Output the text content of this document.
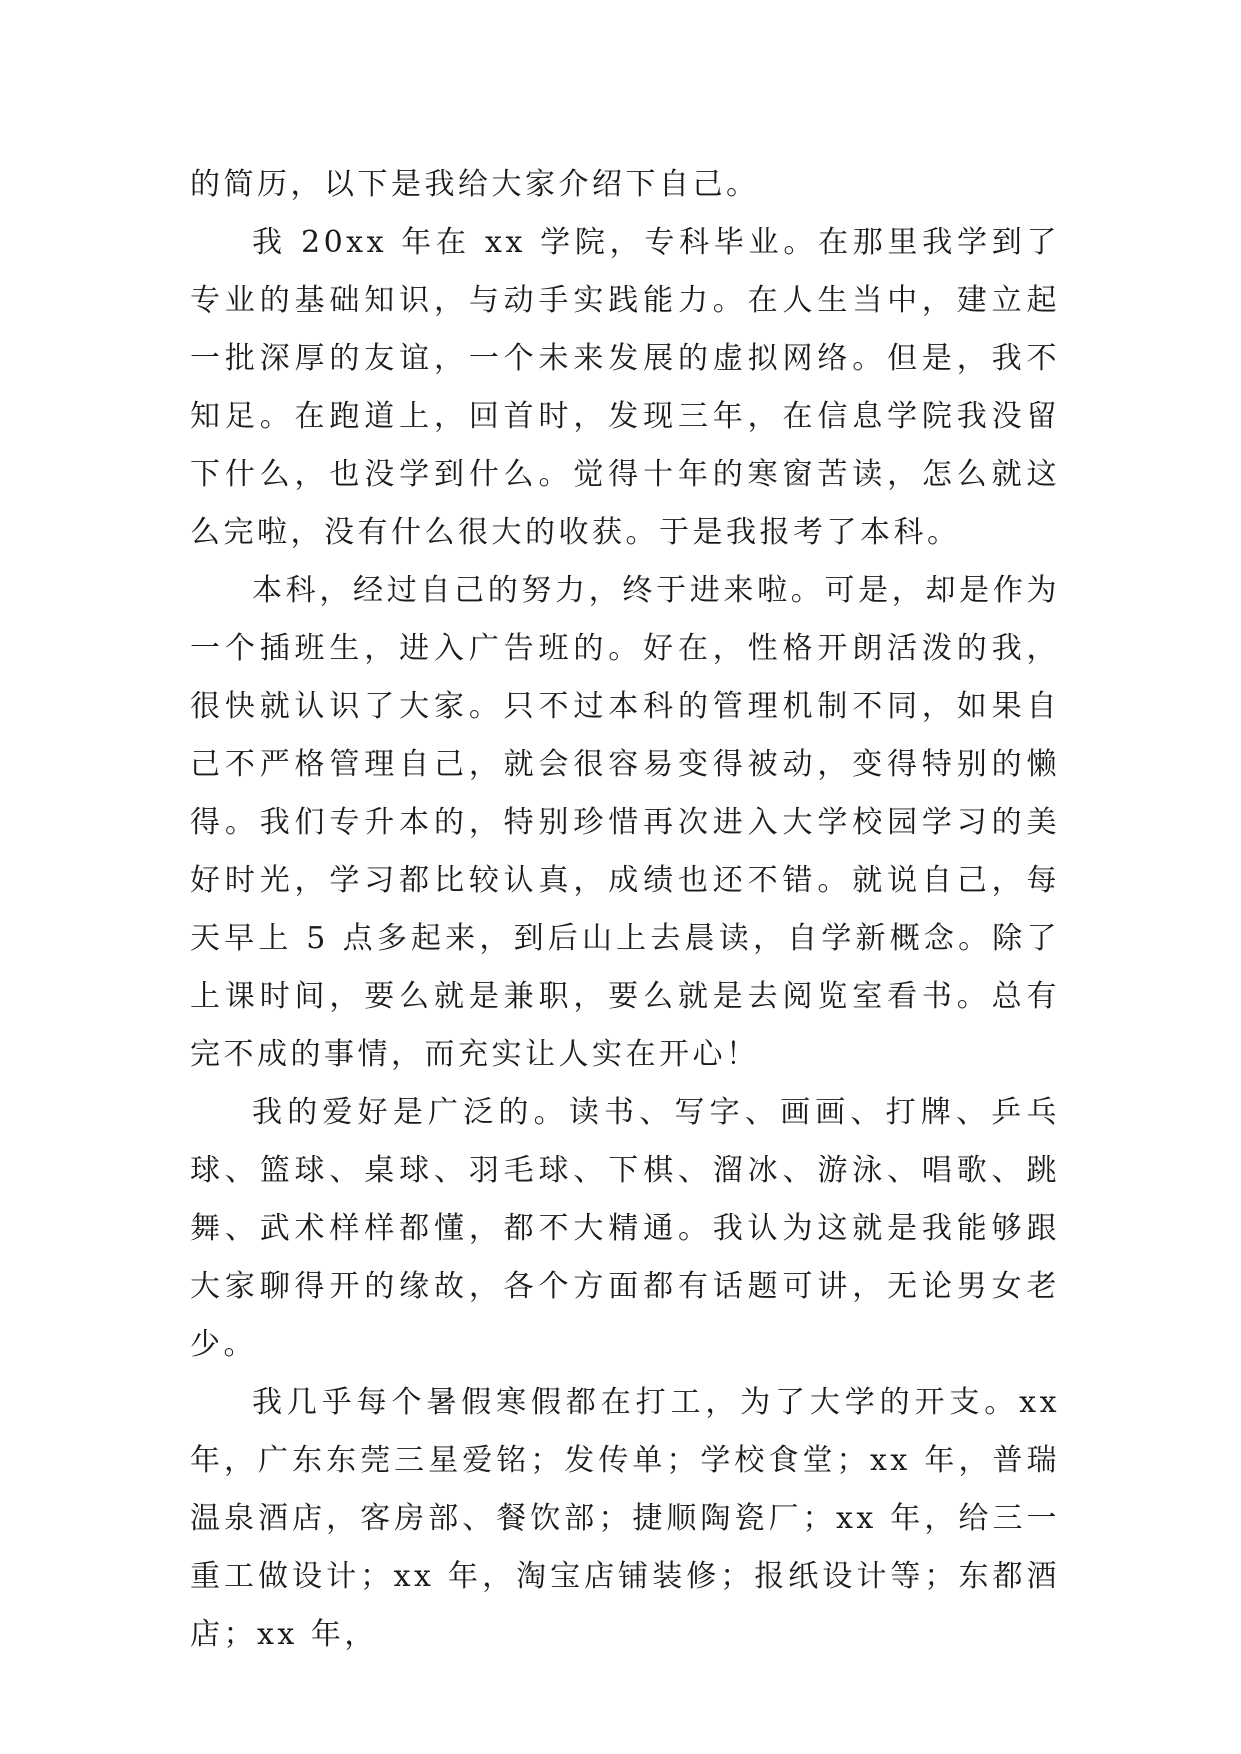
的简历，以下是我给大家介绍下自己。

我 20xx 年在 xx 学院，专科毕业。在那里我学到了专业的基础知识，与动手实践能力。在人生当中，建立起一批深厚的友谊，一个未来发展的虚拟网络。但是，我不知足。在跑道上，回首时，发现三年，在信息学院我没留下什么，也没学到什么。觉得十年的寒窗苦读，怎么就这么完啦，没有什么很大的收获。于是我报考了本科。

本科，经过自己的努力，终于进来啦。可是，却是作为一个插班生，进入广告班的。好在，性格开朗活泼的我，很快就认识了大家。只不过本科的管理机制不同，如果自己不严格管理自己，就会很容易变得被动，变得特别的懒得。我们专升本的，特别珍惜再次进入大学校园学习的美好时光，学习都比较认真，成绩也还不错。就说自己，每天早上 5 点多起来，到后山上去晨读，自学新概念。除了上课时间，要么就是兼职，要么就是去阅览室看书。总有完不成的事情，而充实让人实在开心！

我的爱好是广泛的。读书、写字、画画、打牌、乒乓球、篮球、桌球、羽毛球、下棋、溜冰、游泳、唱歌、跳舞、武术样样都懂，都不大精通。我认为这就是我能够跟大家聊得开的缘故，各个方面都有话题可讲，无论男女老少。

我几乎每个暑假寒假都在打工，为了大学的开支。xx 年，广东东莞三星爱铭；发传单；学校食堂；xx 年，普瑞温泉酒店，客房部、餐饮部；捷顺陶瓷厂；xx 年，给三一重工做设计；xx 年，淘宝店铺装修；报纸设计等；东都酒店；xx 年，
